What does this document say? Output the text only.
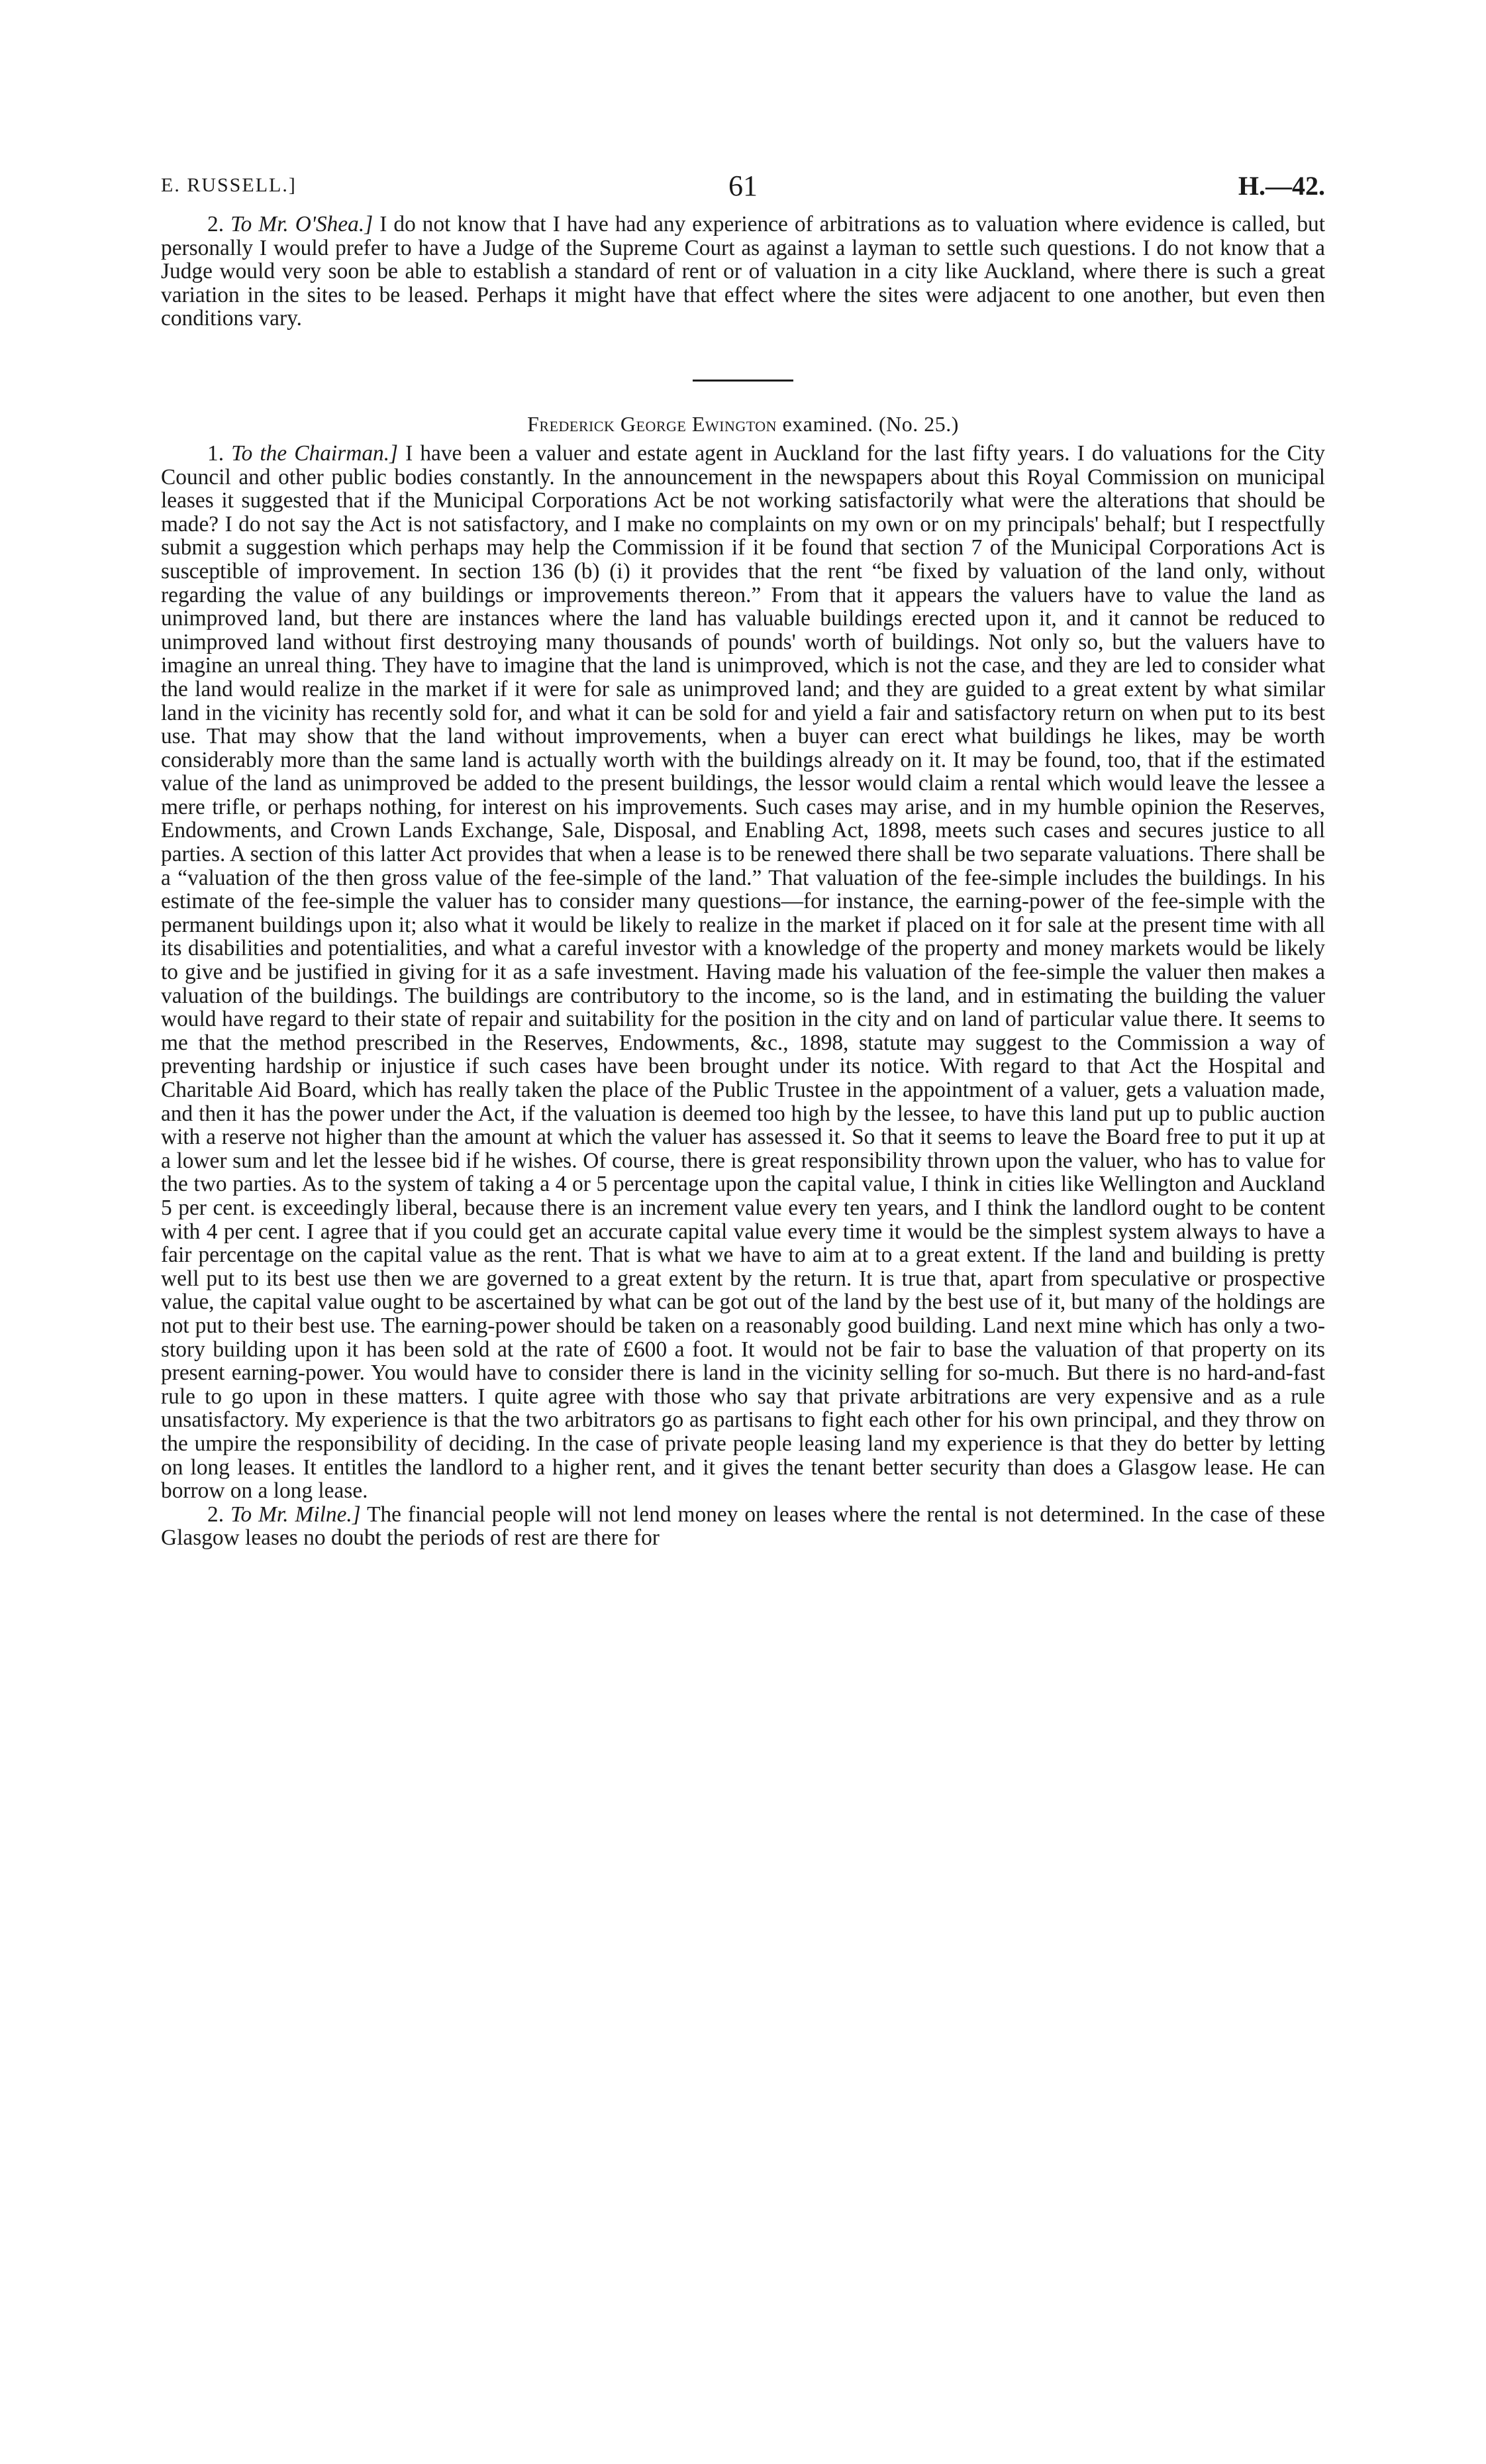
E. RUSSELL.]	61	H.—42.

2. To Mr. O'Shea.] I do not know that I have had any experience of arbitrations as to valuation where evidence is called, but personally I would prefer to have a Judge of the Supreme Court as against a layman to settle such questions. I do not know that a Judge would very soon be able to establish a standard of rent or of valuation in a city like Auckland, where there is such a great variation in the sites to be leased. Perhaps it might have that effect where the sites were adjacent to one another, but even then conditions vary.

Frederick George Ewington examined. (No. 25.)

1. To the Chairman.] I have been a valuer and estate agent in Auckland for the last fifty years. I do valuations for the City Council and other public bodies constantly. In the announcement in the newspapers about this Royal Commission on municipal leases it suggested that if the Municipal Corporations Act be not working satisfactorily what were the alterations that should be made? I do not say the Act is not satisfactory, and I make no complaints on my own or on my principals' behalf; but I respectfully submit a suggestion which perhaps may help the Commission if it be found that section 7 of the Municipal Corporations Act is susceptible of improvement. In section 136 (b) (i) it provides that the rent “be fixed by valuation of the land only, without regarding the value of any buildings or improvements thereon.” From that it appears the valuers have to value the land as unimproved land, but there are instances where the land has valuable buildings erected upon it, and it cannot be reduced to unimproved land without first destroying many thousands of pounds' worth of buildings. Not only so, but the valuers have to imagine an unreal thing. They have to imagine that the land is unimproved, which is not the case, and they are led to consider what the land would realize in the market if it were for sale as unimproved land; and they are guided to a great extent by what similar land in the vicinity has recently sold for, and what it can be sold for and yield a fair and satisfactory return on when put to its best use. That may show that the land without improvements, when a buyer can erect what buildings he likes, may be worth considerably more than the same land is actually worth with the buildings already on it. It may be found, too, that if the estimated value of the land as unimproved be added to the present buildings, the lessor would claim a rental which would leave the lessee a mere trifle, or perhaps nothing, for interest on his improvements. Such cases may arise, and in my humble opinion the Reserves, Endowments, and Crown Lands Exchange, Sale, Disposal, and Enabling Act, 1898, meets such cases and secures justice to all parties. A section of this latter Act provides that when a lease is to be renewed there shall be two separate valuations. There shall be a “valuation of the then gross value of the fee-simple of the land.” That valuation of the fee-simple includes the buildings. In his estimate of the fee-simple the valuer has to consider many questions—for instance, the earning-power of the fee-simple with the permanent buildings upon it; also what it would be likely to realize in the market if placed on it for sale at the present time with all its disabilities and potentialities, and what a careful investor with a knowledge of the property and money markets would be likely to give and be justified in giving for it as a safe investment. Having made his valuation of the fee-simple the valuer then makes a valuation of the buildings. The buildings are contributory to the income, so is the land, and in estimating the building the valuer would have regard to their state of repair and suitability for the position in the city and on land of particular value there. It seems to me that the method prescribed in the Reserves, Endowments, &c., 1898, statute may suggest to the Commission a way of preventing hardship or injustice if such cases have been brought under its notice. With regard to that Act the Hospital and Charitable Aid Board, which has really taken the place of the Public Trustee in the appointment of a valuer, gets a valuation made, and then it has the power under the Act, if the valuation is deemed too high by the lessee, to have this land put up to public auction with a reserve not higher than the amount at which the valuer has assessed it. So that it seems to leave the Board free to put it up at a lower sum and let the lessee bid if he wishes. Of course, there is great responsibility thrown upon the valuer, who has to value for the two parties. As to the system of taking a 4 or 5 percentage upon the capital value, I think in cities like Wellington and Auckland 5 per cent. is exceedingly liberal, because there is an increment value every ten years, and I think the landlord ought to be content with 4 per cent. I agree that if you could get an accurate capital value every time it would be the simplest system always to have a fair percentage on the capital value as the rent. That is what we have to aim at to a great extent. If the land and building is pretty well put to its best use then we are governed to a great extent by the return. It is true that, apart from speculative or prospective value, the capital value ought to be ascertained by what can be got out of the land by the best use of it, but many of the holdings are not put to their best use. The earning-power should be taken on a reasonably good building. Land next mine which has only a two-story building upon it has been sold at the rate of £600 a foot. It would not be fair to base the valuation of that property on its present earning-power. You would have to consider there is land in the vicinity selling for so-much. But there is no hard-and-fast rule to go upon in these matters. I quite agree with those who say that private arbitrations are very expensive and as a rule unsatisfactory. My experience is that the two arbitrators go as partisans to fight each other for his own principal, and they throw on the umpire the responsibility of deciding. In the case of private people leasing land my experience is that they do better by letting on long leases. It entitles the landlord to a higher rent, and it gives the tenant better security than does a Glasgow lease. He can borrow on a long lease.

2. To Mr. Milne.] The financial people will not lend money on leases where the rental is not determined. In the case of these Glasgow leases no doubt the periods of rest are there for
